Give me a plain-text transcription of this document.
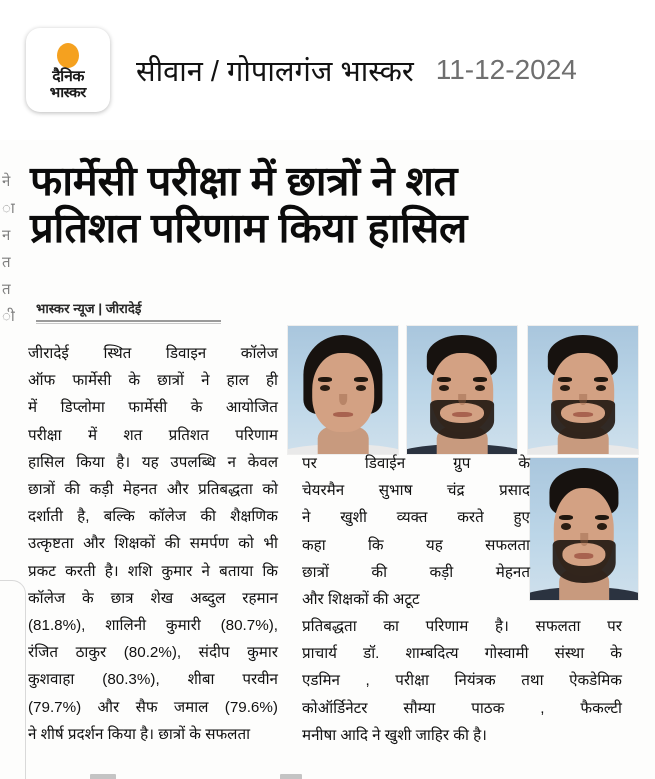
दैनिक
भास्कर
सीवान / गोपालगंज भास्कर 11-12-2024
ने
ा
न
त
त
ी
फार्मेसी परीक्षा में छात्रों ने शत
प्रतिशत परिणाम किया हासिल
भास्कर न्यूज | जीरादेई
जीरादेई स्थित डिवाइन कॉलेज
ऑफ फार्मेसी के छात्रों ने हाल ही
में डिप्लोमा फार्मेसी के आयोजित
परीक्षा में शत प्रतिशत परिणाम
हासिल किया है। यह उपलब्धि न केवल
छात्रों की कड़ी मेहनत और प्रतिबद्धता को
दर्शाती है, बल्कि कॉलेज की शैक्षणिक
उत्कृष्टता और शिक्षकों की समर्पण को भी
प्रकट करती है। शशि कुमार ने बताया कि
कॉलेज के छात्र शेख अब्दुल रहमान
(81.8%), शालिनी कुमारी (80.7%),
रंजित ठाकुर (80.2%), संदीप कुमार
कुशवाहा (80.3%), शीबा परवीन
(79.7%) और सैफ जमाल (79.6%)
ने शीर्ष प्रदर्शन किया है। छात्रों के सफलता
पर	डिवाईन	ग्रुप	के
चेयरमैन सुभाष चंद्र प्रसाद
ने खुशी व्यक्त करते हुए
कहा	कि	यह	सफलता
छात्रों	की	कड़ी	मेहनत
और शिक्षकों की अटूट
प्रतिबद्धता का परिणाम है। सफलता पर
प्राचार्य डॉ. शाम्बदित्य गोस्वामी संस्था के
एडमिन , परीक्षा नियंत्रक तथा ऐकडेमिक
कोऑर्डिनेटर सौम्या पाठक , फैकल्टी
मनीषा आदि ने खुशी जाहिर की है।
